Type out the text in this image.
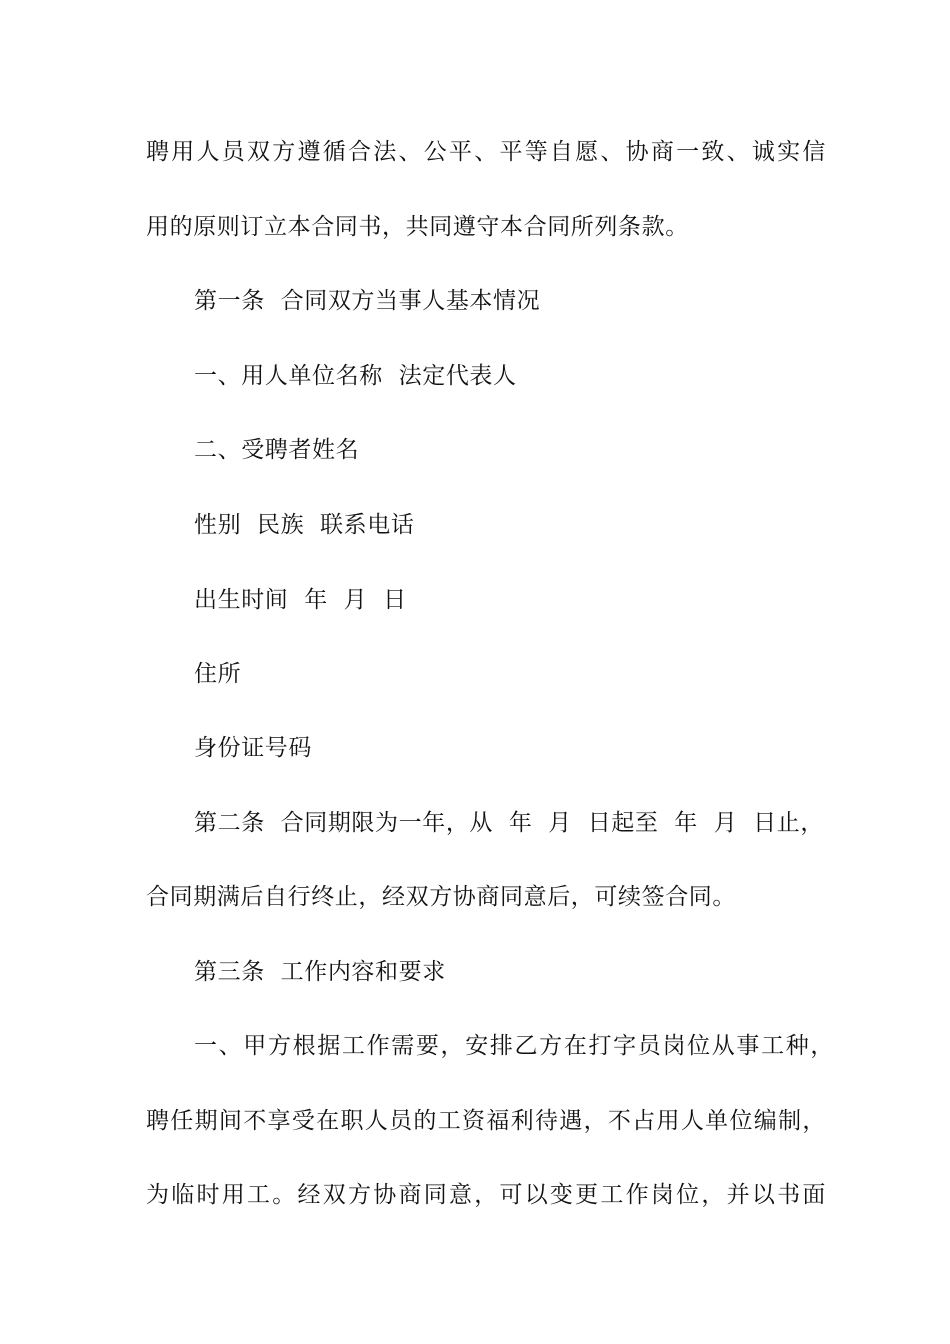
聘用人员双方遵循合法、公平、平等自愿、协商一致、诚实信
用的原则订立本合同书，共同遵守本合同所列条款。
第一条  合同双方当事人基本情况
一、用人单位名称  法定代表人
二、受聘者姓名
性别  民族  联系电话
出生时间  年  月  日
住所
身份证号码
第二条  合同期限为一年，从  年  月  日起至  年  月  日止，
合同期满后自行终止，经双方协商同意后，可续签合同。
第三条  工作内容和要求
一、甲方根据工作需要，安排乙方在打字员岗位从事工种，
聘任期间不享受在职人员的工资福利待遇，不占用人单位编制，
为临时用工。经双方协商同意，可以变更工作岗位，并以书面
